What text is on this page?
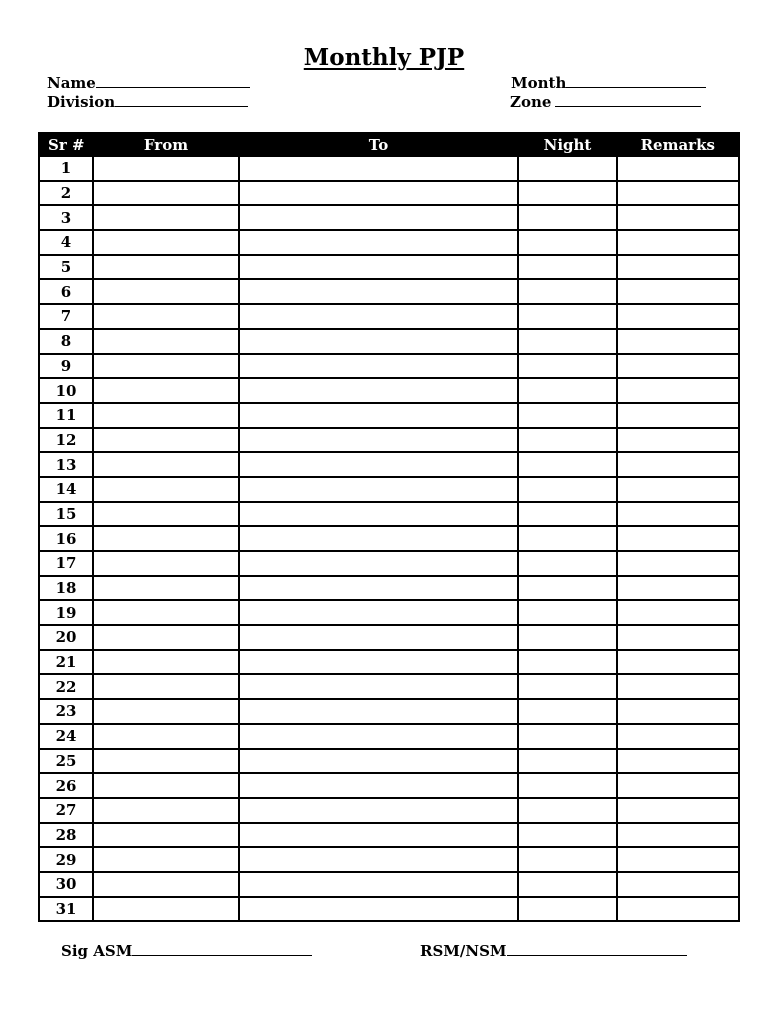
Monthly PJP
Name
Division
Month
Zone
Sr #	From	To	Night	Remarks
1				
2				
3				
4				
5				
6				
7				
8				
9				
10				
11				
12				
13				
14				
15				
16				
17				
18				
19				
20				
21				
22				
23				
24				
25				
26				
27				
28				
29				
30				
31				
Sig ASM	RSM/NSM
